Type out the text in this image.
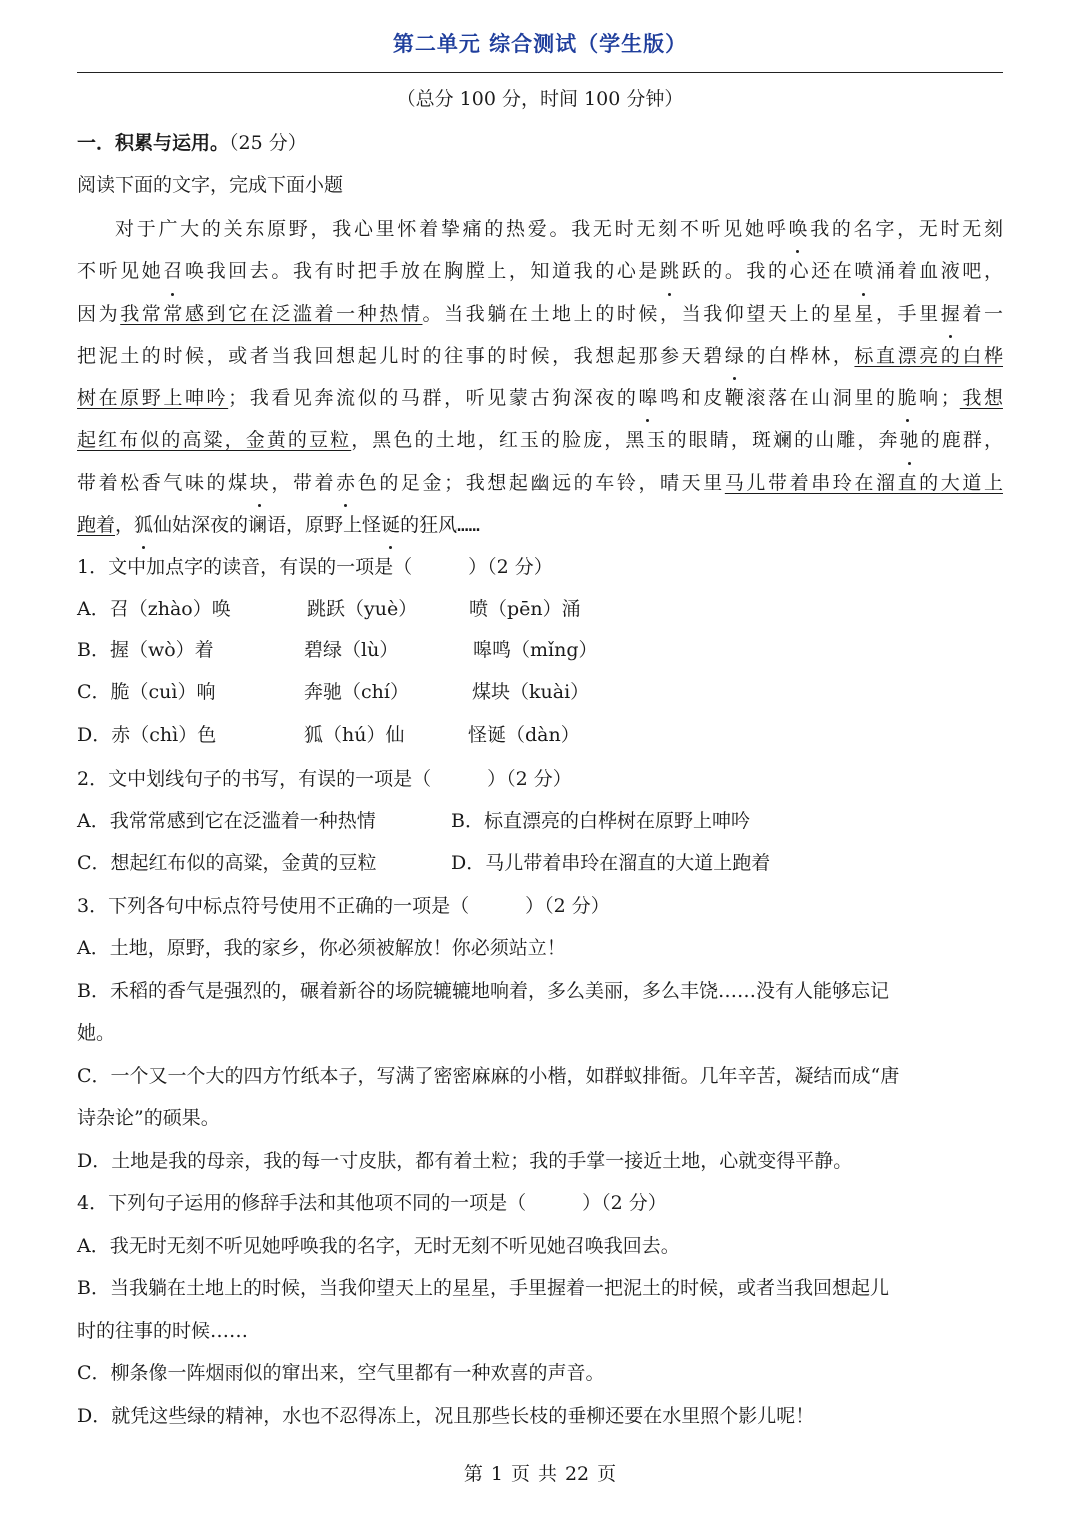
第二单元 综合测试（学生版）
（总分 100 分，时间 100 分钟）
一．积累与运用。（25 分）
阅读下面的文字，完成下面小题
对于广大的关东原野，我心里怀着挚痛的热爱。我无时无刻不听见她呼唤我的名字，无时无刻
不听见她召唤我回去。我有时把手放在胸膛上，知道我的心是跳跃的。我的心还在喷涌着血液吧，
因为我常常感到它在泛滥着一种热情。当我躺在土地上的时候，当我仰望天上的星星，手里握着一
把泥土的时候，或者当我回想起儿时的往事的时候，我想起那参天碧绿的白桦林，标直漂亮的白桦
树在原野上呻吟；我看见奔流似的马群，听见蒙古狗深夜的嗥鸣和皮鞭滚落在山洞里的脆响；我想
起红布似的高粱，金黄的豆粒，黑色的土地，红玉的脸庞，黑玉的眼睛，斑斓的山雕，奔驰的鹿群，
带着松香气味的煤块，带着赤色的足金；我想起幽远的车铃，晴天里马儿带着串玲在溜直的大道上
跑着，狐仙姑深夜的谰语，原野上怪诞的狂风……
1．文中加点字的读音，有误的一项是（	）（2 分）
A．召（zhào）唤	跳跃（yuè）	喷（pēn）涌
B．握（wò）着	碧绿（lù）	嗥鸣（mǐng）
C．脆（cuì）响	奔驰（chí）	煤块（kuài）
D．赤（chì）色	狐（hú）仙	怪诞（dàn）
2．文中划线句子的书写，有误的一项是（	）（2 分）
A．我常常感到它在泛滥着一种热情	B．标直漂亮的白桦树在原野上呻吟
C．想起红布似的高粱，金黄的豆粒	D．马儿带着串玲在溜直的大道上跑着
3．下列各句中标点符号使用不正确的一项是（	）（2 分）
A．土地，原野，我的家乡，你必须被解放！你必须站立！
B．禾稻的香气是强烈的，碾着新谷的场院辘辘地响着，多么美丽，多么丰饶……没有人能够忘记
她。
C．一个又一个大的四方竹纸本子，写满了密密麻麻的小楷，如群蚁排衙。几年辛苦，凝结而成“唐
诗杂论”的硕果。
D．土地是我的母亲，我的每一寸皮肤，都有着土粒；我的手掌一接近土地，心就变得平静。
4．下列句子运用的修辞手法和其他项不同的一项是（	）（2 分）
A．我无时无刻不听见她呼唤我的名字，无时无刻不听见她召唤我回去。
B．当我躺在土地上的时候，当我仰望天上的星星，手里握着一把泥土的时候，或者当我回想起儿
时的往事的时候……
C．柳条像一阵烟雨似的窜出来，空气里都有一种欢喜的声音。
D．就凭这些绿的精神，水也不忍得冻上，况且那些长枝的垂柳还要在水里照个影儿呢！
第 1 页 共 22 页
